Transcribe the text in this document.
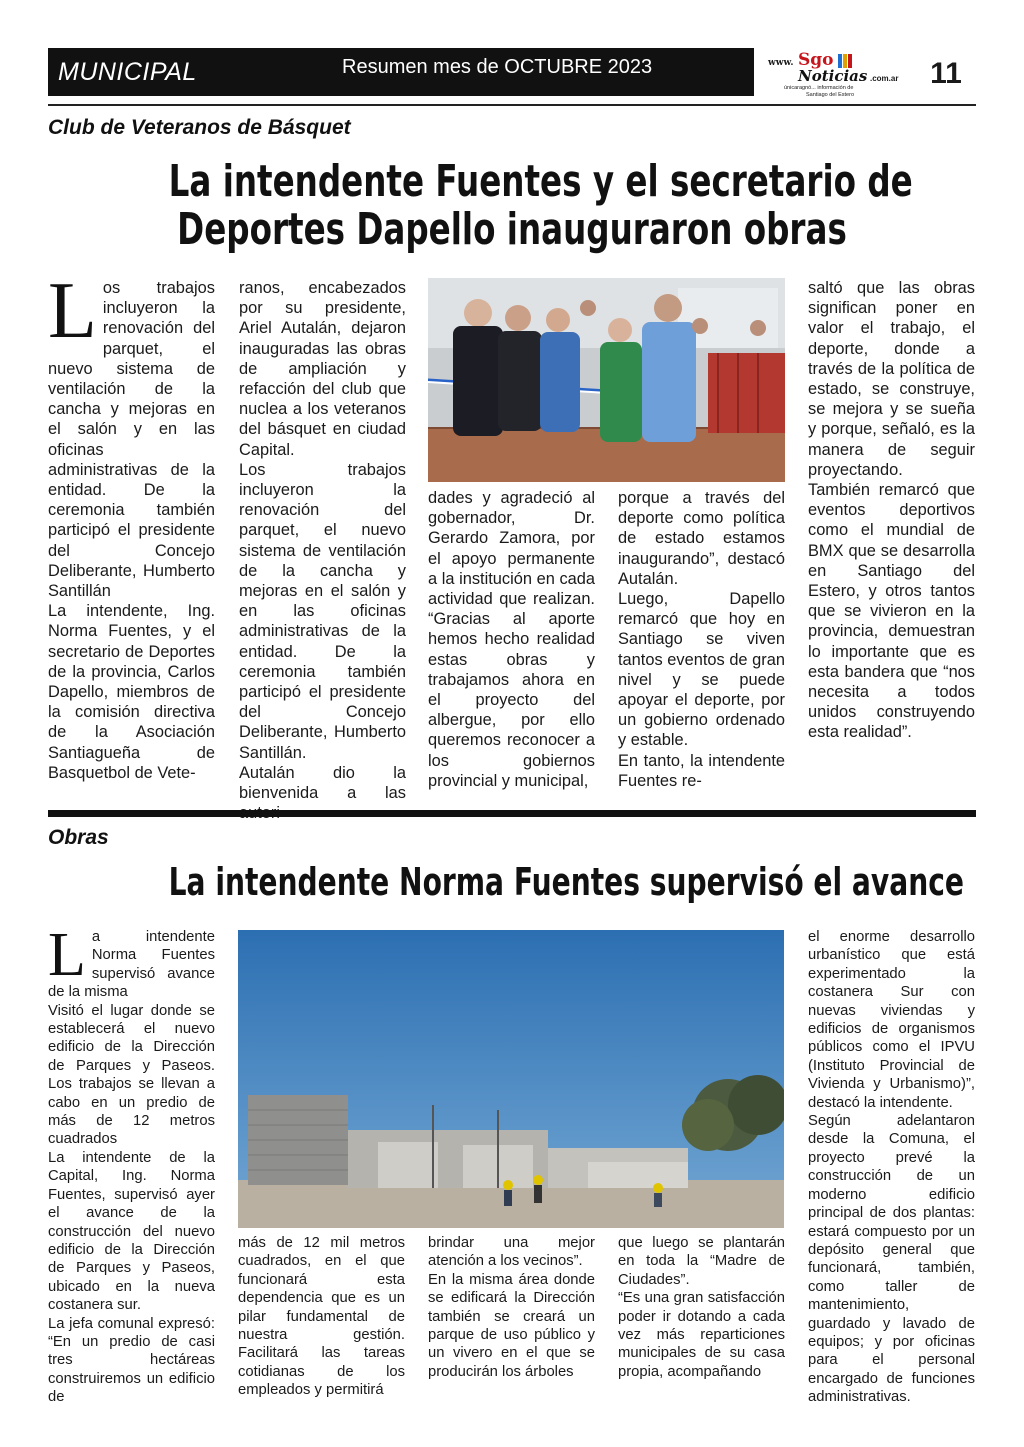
MUNICIPAL	Resumen mes de OCTUBRE 2023	www. Sgo
Noticias .com.ar
únicaragnó... información de
Santiago del Estero
11
Club de Veteranos de Básquet
La intendente Fuentes y el secretario de
Deportes Dapello inauguraron obras
L os trabajos incluyeron la renovación del parquet, el nuevo sistema de ventilación de la cancha y mejoras en el salón y en las oficinas administrativas de la entidad. De la ceremonia también participó el presidente del Concejo Deliberante, Humberto Santillán

La intendente, Ing. Norma Fuentes, y el secretario de Deportes de la provincia, Carlos Dapello, miembros de la comisión directiva de la Asociación Santiagueña de Basquetbol de Vete-

ranos, encabezados por su presidente, Ariel Autalán, dejaron inauguradas las obras de ampliación y refacción del club que nuclea a los veteranos del básquet en ciudad Capital.

Los trabajos incluyeron la renovación del parquet, el nuevo sistema de ventilación de la cancha y mejoras en el salón y en las oficinas administrativas de la entidad. De la ceremonia también participó el presidente del Concejo Deliberante, Humberto Santillán.

Autalán dio la bienvenida a las

dades y agradeció al gobernador, Dr. Gerardo Zamora, por el apoyo permanente a la institución en cada actividad que realizan. “Gracias al aporte hemos hecho realidad estas obras y trabajamos ahora en el proyecto del albergue, por ello queremos reconocer a los gobiernos provincial y municipal,

porque a través del deporte como política de estado estamos inaugurando”, destacó Autalán.

Luego, Dapello remarcó que hoy en Santiago se viven tantos eventos de gran nivel y se puede apoyar el deporte, por un gobierno ordenado y estable.

En tanto, la intendente Fuentes re-

saltó que las obras significan poner en valor el trabajo, el deporte, donde a través de la política de estado, se construye, se mejora y se sueña y porque, señaló, es la manera de seguir proyectando.

También remarcó que eventos deportivos como el mundial de BMX que se desarrolla en Santiago del Estero, y otros tantos que se vivieron en la provincia, demuestran lo importante que es esta bandera que “nos necesita a todos unidos construyendo esta realidad”.

Obras
La intendente Norma Fuentes supervisó el avance
L a intendente Norma Fuentes supervisó avance de la misma

Visitó el lugar donde se establecerá el nuevo edificio de la Dirección de Parques y Paseos. Los trabajos se llevan a cabo en un predio de más de 12 metros cuadrados

La intendente de la Capital, Ing. Norma Fuentes, supervisó ayer el avance de la construcción del nuevo edificio de la Dirección de Parques y Paseos, ubicado en la nueva costanera sur.

La jefa comunal expresó: “En un predio de casi tres hectáreas construiremos un edificio de

más de 12 mil metros cuadrados, en el que funcionará esta dependencia que es un pilar fundamental de nuestra gestión. Facilitará las tareas cotidianas de los empleados y permitirá

brindar una mejor atención a los vecinos”.

En la misma área donde se edificará la Dirección también se creará un parque de uso público y un vivero en el que se producirán los árboles

que luego se plantarán en toda la “Madre de Ciudades”.

“Es una gran satisfacción poder ir dotando a cada vez más reparticiones municipales de su casa propia, acompañando

el enorme desarrollo urbanístico que está experimentado la costanera Sur con nuevas viviendas y edificios de organismos públicos como el IPVU (Instituto Provincial de Vivienda y Urbanismo)”, destacó la intendente.

Según adelantaron desde la Comuna, el proyecto prevé la construcción de un moderno edificio principal de dos plantas: estará compuesto por un depósito general que funcionará, también, como taller de mantenimiento, guardado y lavado de equipos; y por oficinas para el personal encargado de funciones administrativas.
